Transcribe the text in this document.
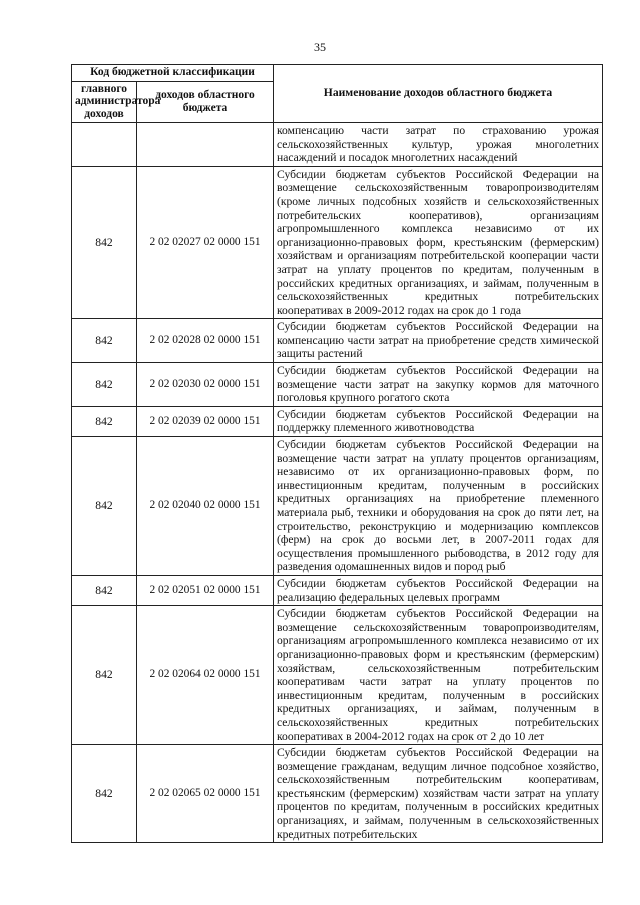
35
Код бюджетной классификации		Наименование доходов областного бюджета
главного администратора доходов	доходов областного бюджета	
		компенсацию части затрат по страхованию урожая сельскохозяйственных культур, урожая многолетних насаждений и посадок многолетних насаждений
842	2 02 02027 02 0000 151	Субсидии бюджетам субъектов Российской Федерации на возмещение сельскохозяйственным товаропроизводителям (кроме личных подсобных хозяйств и сельскохозяйственных потребительских кооперативов), организациям агропромышленного комплекса независимо от их организационно-правовых форм, крестьянским (фермерским) хозяйствам и организациям потребительской кооперации части затрат на уплату процентов по кредитам, полученным в российских кредитных организациях, и займам, полученным в сельскохозяйственных кредитных потребительских кооперативах в 2009-2012 годах на срок до 1 года
842	2 02 02028 02 0000 151	Субсидии бюджетам субъектов Российской Федерации на компенсацию части затрат на приобретение средств химической защиты растений
842	2 02 02030 02 0000 151	Субсидии бюджетам субъектов Российской Федерации на возмещение части затрат на закупку кормов для маточного поголовья крупного рогатого скота
842	2 02 02039 02 0000 151	Субсидии бюджетам субъектов Российской Федерации на поддержку племенного животноводства
842	2 02 02040 02 0000 151	Субсидии бюджетам субъектов Российской Федерации на возмещение части затрат на уплату процентов организациям, независимо от их организационно-правовых форм, по инвестиционным кредитам, полученным в российских кредитных организациях на приобретение племенного материала рыб, техники и оборудования на срок до пяти лет, на строительство, реконструкцию и модернизацию комплексов (ферм) на срок до восьми лет, в 2007-2011 годах для осуществления промышленного рыбоводства, в 2012 году для разведения одомашненных видов и пород рыб
842	2 02 02051 02 0000 151	Субсидии бюджетам субъектов Российской Федерации на реализацию федеральных целевых программ
842	2 02 02064 02 0000 151	Субсидии бюджетам субъектов Российской Федерации на возмещение сельскохозяйственным товаропроизводителям, организациям агропромышленного комплекса независимо от их организационно-правовых форм и крестьянским (фермерским) хозяйствам, сельскохозяйственным потребительским кооперативам части затрат на уплату процентов по инвестиционным кредитам, полученным в российских кредитных организациях, и займам, полученным в сельскохозяйственных кредитных потребительских кооперативах в 2004-2012 годах на срок от 2 до 10 лет
842	2 02 02065 02 0000 151	Субсидии бюджетам субъектов Российской Федерации на возмещение гражданам, ведущим личное подсобное хозяйство, сельскохозяйственным потребительским кооперативам, крестьянским (фермерским) хозяйствам части затрат на уплату процентов по кредитам, полученным в российских кредитных организациях, и займам, полученным в сельскохозяйственных кредитных потребительских
